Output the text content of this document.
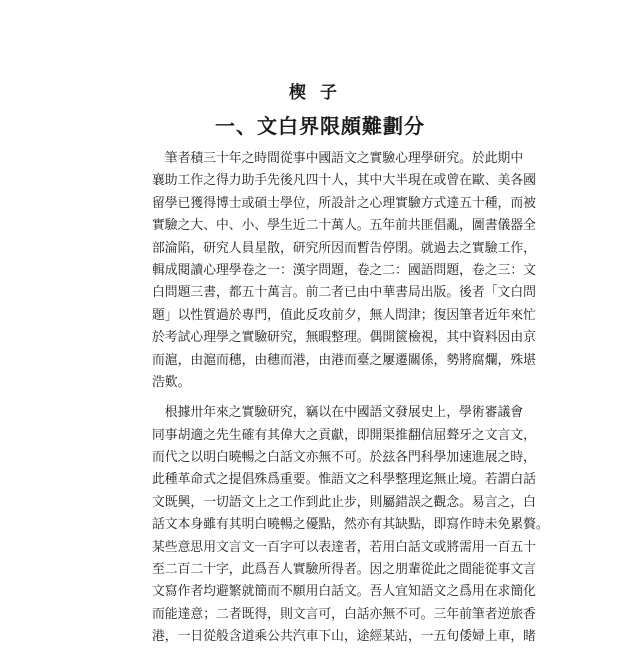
楔子
一、文白界限頗難劃分
　筆者積三十年之時間從事中國語文之實驗心理學研究。於此期中
襄助工作之得力助手先後凡四十人，其中大半現在或曾在歐、美各國
留學已獲得博士或碩士學位，所設計之心理實驗方式達五十種，而被
實驗之大、中、小、學生近二十萬人。五年前共匪倡亂，圖書儀器全
部淪陷，研究人員星散，研究所因而暫告停閉。就過去之實驗工作，
輯成閱讀心理學卷之一：漢字問題，卷之二：國語問題，卷之三：文
白問題三書，都五十萬言。前二者已由中華書局出版。後者「文白問
題」以性質過於專門，值此反攻前夕，無人問津；復因筆者近年來忙
於考試心理學之實驗研究，無暇整理。偶開篋檢視，其中資料因由京
而滬，由滬而穗，由穗而港，由港而臺之屢遷關係，勢將腐爛，殊堪
浩歎。
　根據卅年來之實驗研究，竊以在中國語文發展史上，學術審議會
同事胡適之先生確有其偉大之貢獻，即開渠推翻信屈聱牙之文言文，
而代之以明白曉暢之白話文亦無不可。於玆各門科學加速進展之時，
此種革命式之提倡殊爲重要。惟語文之科學整理迄無止境。若謂白話
文既興，一切語文上之工作到此止步，則屬錯誤之觀念。易言之，白
話文本身雖有其明白曉暢之優點，然亦有其缺點，即寫作時未免累贅。
某些意思用文言文一百字可以表達者，若用白話文或將需用一百五十
至二百二十字，此爲吾人實驗所得者。因之朋輩從此之間能從事文言
文寫作者均避繁就簡而不願用白話文。吾人宜知語文之爲用在求簡化
而能達意；二者既得，則文言可，白話亦無不可。三年前筆者逆旅香
港，一日從般含道乘公共汽車下山，途經某站，一五旬倭婦上車，睹
